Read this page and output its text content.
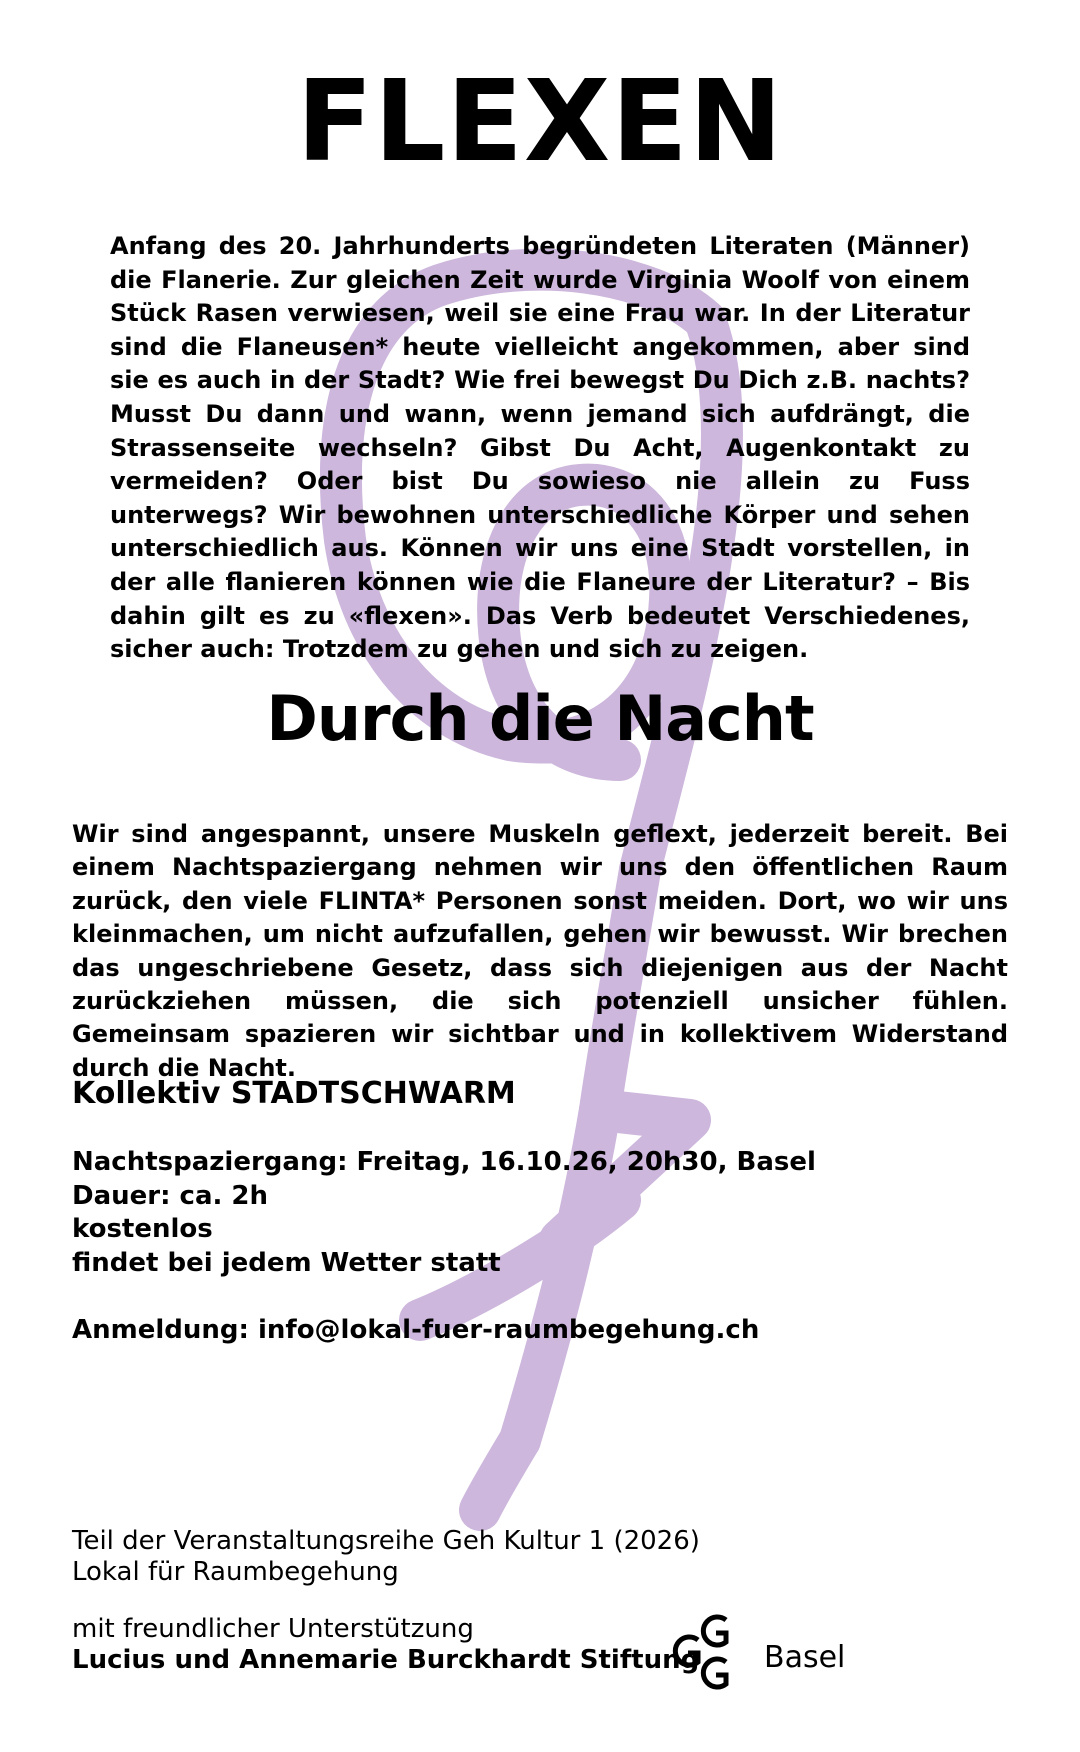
FLEXEN

Anfang des 20. Jahrhunderts begründeten Literaten (Männer) die Flanerie. Zur gleichen Zeit wurde Virginia Woolf von einem Stück Rasen verwiesen, weil sie eine Frau war. In der Literatur sind die Flaneusen* heute vielleicht angekommen, aber sind sie es auch in der Stadt? Wie frei bewegst Du Dich z.B. nachts? Musst Du dann und wann, wenn jemand sich aufdrängt, die Strassenseite wechseln? Gibst Du Acht, Augenkontakt zu vermeiden? Oder bist Du sowieso nie allein zu Fuss unterwegs? Wir bewohnen unterschiedliche Körper und sehen unterschiedlich aus. Können wir uns eine Stadt vorstellen, in der alle flanieren können wie die Flaneure der Literatur? – Bis dahin gilt es zu «flexen». Das Verb bedeutet Verschiedenes, sicher auch: Trotzdem zu gehen und sich zu zeigen.

Durch die Nacht

Wir sind angespannt, unsere Muskeln geflext, jederzeit bereit. Bei einem Nachtspaziergang nehmen wir uns den öffentlichen Raum zurück, den viele FLINTA* Personen sonst meiden. Dort, wo wir uns kleinmachen, um nicht aufzufallen, gehen wir bewusst. Wir brechen das ungeschriebene Gesetz, dass sich diejenigen aus der Nacht zurückziehen müssen, die sich potenziell unsicher fühlen. Gemeinsam spazieren wir sichtbar und in kollektivem Widerstand durch die Nacht.

Kollektiv STADTSCHWARM

Nachtspaziergang: Freitag, 16.10.26, 20h30, Basel
Dauer: ca. 2h
kostenlos
findet bei jedem Wetter statt

Anmeldung: info@lokal-fuer-raumbegehung.ch

Teil der Veranstaltungsreihe Geh Kultur 1 (2026)
Lokal für Raumbegehung

mit freundlicher Unterstützung
Lucius und Annemarie Burckhardt Stiftung Basel
